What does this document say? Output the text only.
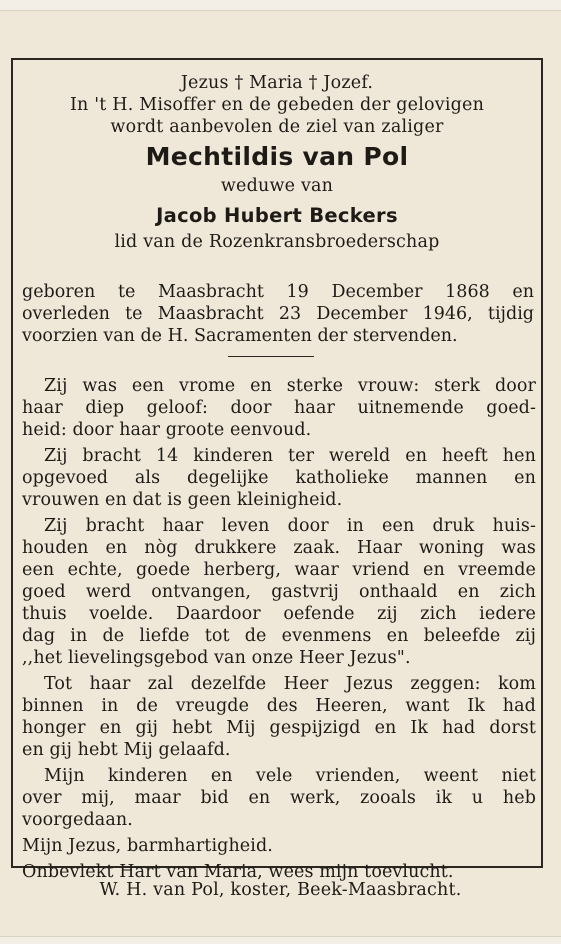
Jezus † Maria † Jozef.
In 't H. Misoffer en de gebeden der gelovigen
wordt aanbevolen de ziel van zaliger
Mechtildis van Pol
weduwe van
Jacob Hubert Beckers
lid van de Rozenkransbroederschap
geboren te Maasbracht 19 December 1868 en
overleden te Maasbracht 23 December 1946, tijdig
voorzien van de H. Sacramenten der stervenden.
Zij was een vrome en sterke vrouw: sterk door
haar diep geloof: door haar uitnemende goed-
heid: door haar groote eenvoud.
Zij bracht 14 kinderen ter wereld en heeft hen
opgevoed als degelijke katholieke mannen en
vrouwen en dat is geen kleinigheid.
Zij bracht haar leven door in een druk huis-
houden en nòg drukkere zaak. Haar woning was
een echte, goede herberg, waar vriend en vreemde
goed werd ontvangen, gastvrij onthaald en zich
thuis voelde. Daardoor oefende zij zich iedere
dag in de liefde tot de evenmens en beleefde zij
,,het lievelingsgebod van onze Heer Jezus".
Tot haar zal dezelfde Heer Jezus zeggen: kom
binnen in de vreugde des Heeren, want Ik had
honger en gij hebt Mij gespijzigd en Ik had dorst
en gij hebt Mij gelaafd.
Mijn kinderen en vele vrienden, weent niet
over mij, maar bid en werk, zooals ik u heb
voorgedaan.
Mijn Jezus, barmhartigheid.
Onbevlekt Hart van Maria, wees mijn toevlucht.
W. H. van Pol, koster, Beek-Maasbracht.
